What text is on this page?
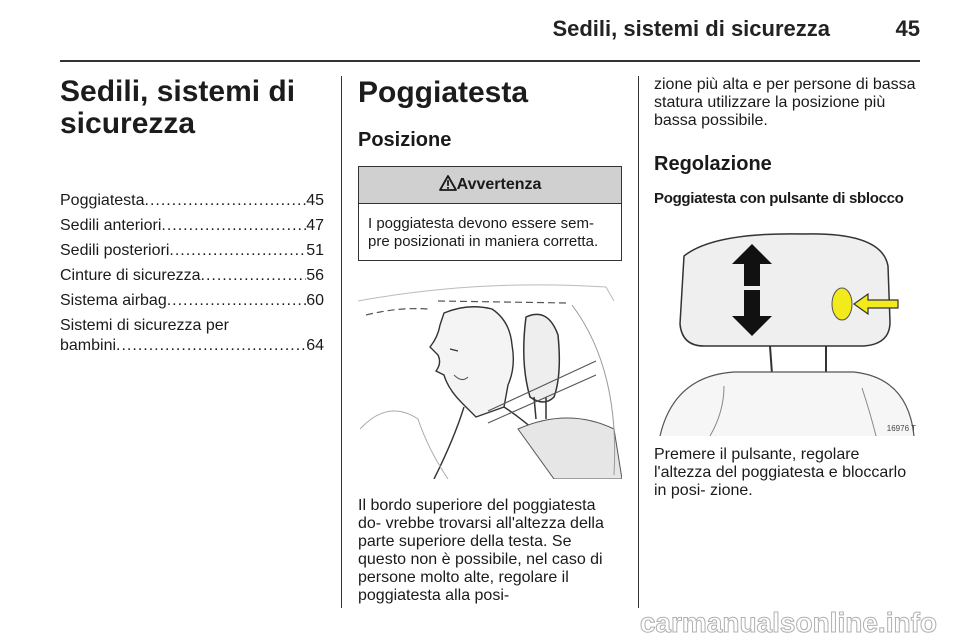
Sedili, sistemi di sicurezza	45
Sedili, sistemi di sicurezza
Poggiatesta .....	45
Sedili anteriori .....	47
Sedili posteriori .....	51
Cinture di sicurezza .....	56
Sistema airbag .....	60
Sistemi di sicurezza per
bambini .....	64
Poggiatesta
Posizione
Avvertenza
I poggiatesta devono essere sem- pre posizionati in maniera corretta.
Il bordo superiore del poggiatesta do- vrebbe trovarsi all'altezza della parte superiore della testa. Se questo non è possibile, nel caso di persone molto alte, regolare il poggiatesta alla posi-
zione più alta e per persone di bassa statura utilizzare la posizione più bassa possibile.
Regolazione
Poggiatesta con pulsante di sblocco
16976 T
Premere il pulsante, regolare l'altezza del poggiatesta e bloccarlo in posi- zione.
carmanualsonline.info
